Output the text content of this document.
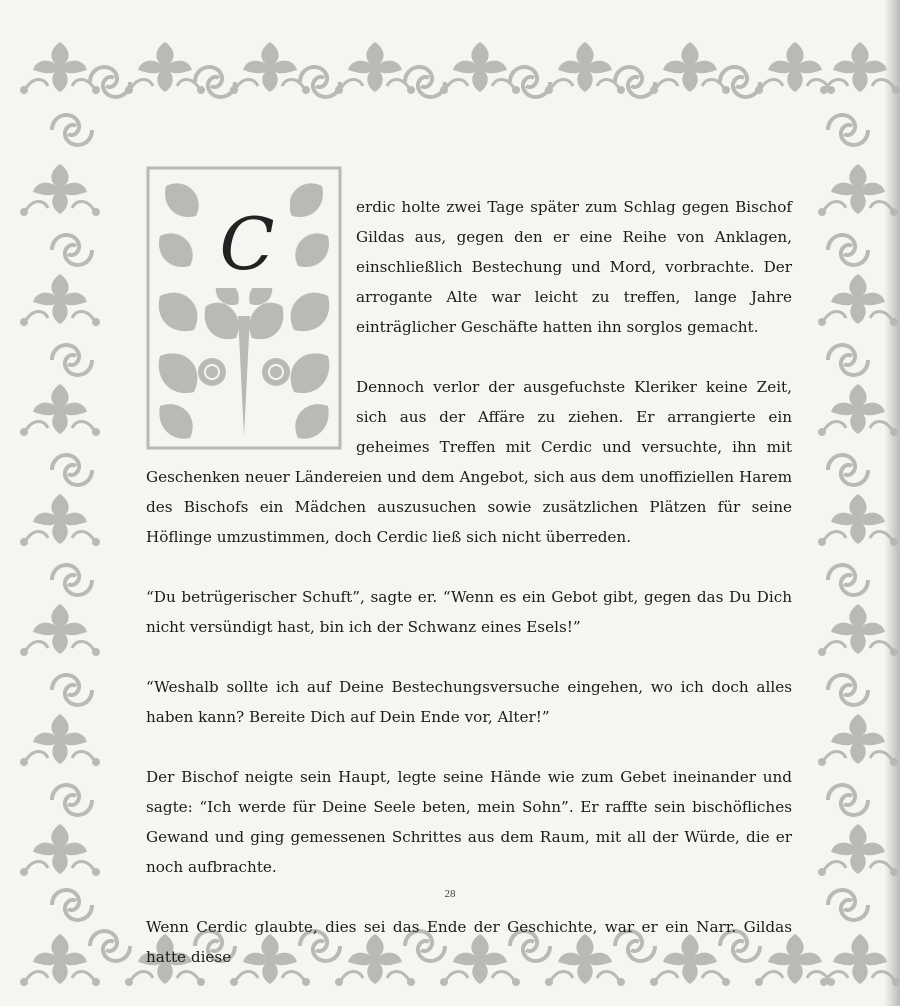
C	erdic holte zwei Tage später zum Schlag gegen Bischof Gildas aus, gegen den er eine Reihe von Anklagen, einschließlich Bestechung und Mord, vorbrachte. Der arrogante Alte war leicht zu treffen, lange Jahre einträglicher Geschäfte hatten ihn sorglos gemacht.

Dennoch verlor der ausgefuchste Kleriker keine Zeit, sich aus der Affäre zu ziehen. Er arrangierte ein geheimes Treffen mit Cerdic und versuchte, ihn mit Geschenken neuer Ländereien und dem Angebot, sich aus dem unoffiziellen Harem des Bischofs ein Mädchen auszusuchen sowie zusätzlichen Plätzen für seine Höflinge umzustimmen, doch Cerdic ließ sich nicht überreden.

“Du betrügerischer Schuft”, sagte er. “Wenn es ein Gebot gibt, gegen das Du Dich nicht versündigt hast, bin ich der Schwanz eines Esels!”

“Weshalb sollte ich auf Deine Bestechungsversuche eingehen, wo ich doch alles haben kann? Bereite Dich auf Dein Ende vor, Alter!”

Der Bischof neigte sein Haupt, legte seine Hände wie zum Gebet ineinander und sagte: “Ich werde für Deine Seele beten, mein Sohn”. Er raffte sein bischöfliches Gewand und ging gemessenen Schrittes aus dem Raum, mit all der Würde, die er noch aufbrachte.

Wenn Cerdic glaubte, dies sei das Ende der Geschichte, war er ein Narr. Gildas hatte diese

28
